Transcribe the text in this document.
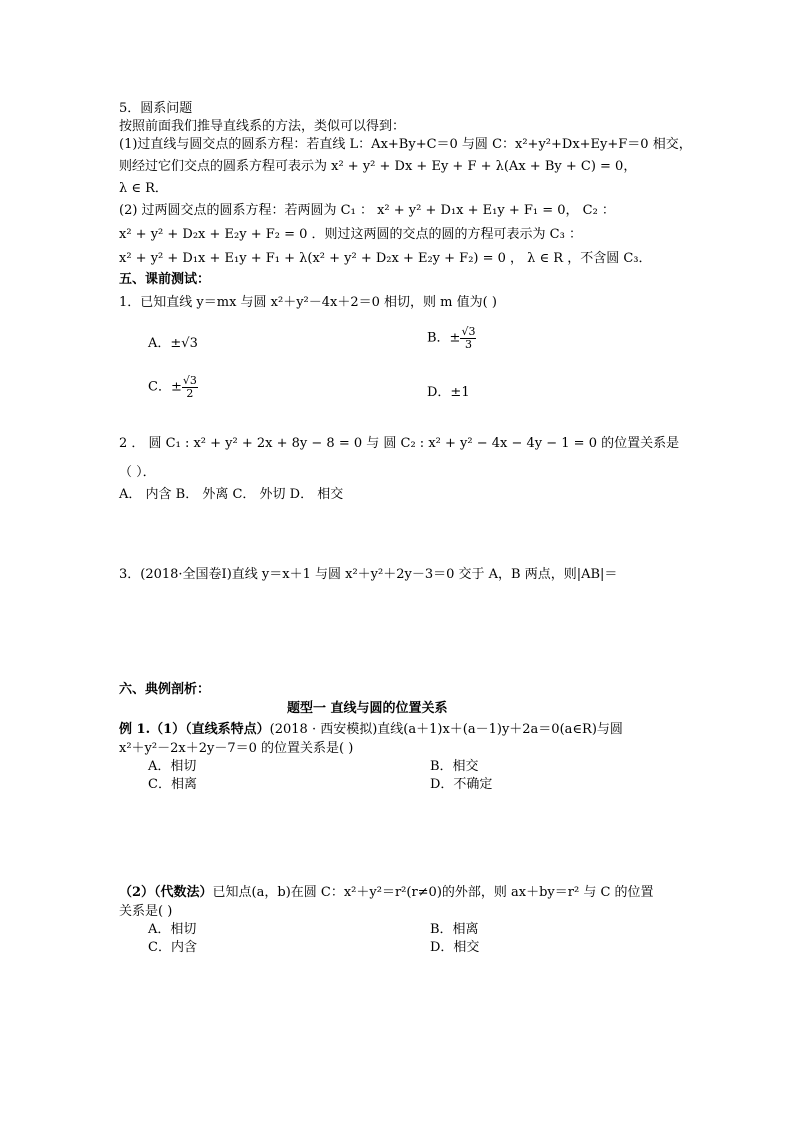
5．圆系问题
按照前面我们推导直线系的方法，类似可以得到：
(1)过直线与圆交点的圆系方程：若直线 L：Ax+By+C＝0 与圆 C：x²+y²+Dx+Ey+F＝0 相交，
则经过它们交点的圆系方程可表示为 x² + y² + Dx + Ey + F + λ(Ax + By + C) = 0，
λ ∈ R．
(2) 过两圆交点的圆系方程：若两圆为 C₁ ： x² + y² + D₁x + E₁y + F₁ = 0， C₂ ：
x² + y² + D₂x + E₂y + F₂ = 0 ．则过这两圆的交点的圆的方程可表示为 C₃ ：
x² + y² + D₁x + E₁y + F₁ + λ(x² + y² + D₂x + E₂y + F₂) = 0 ， λ ∈ R ，不含圆 C₃．
五、课前测试：
1．已知直线 y＝mx 与圆 x²＋y²－4x＋2＝0 相切，则 m 值为( )
A．±√3	B．± $\frac{√3}{3}$
C．± $\frac{√3}{2}$	D．±1
2 ． 圆 C₁ : x² + y² + 2x + 8y − 8 = 0 与 圆 C₂ : x² + y² − 4x − 4y − 1 = 0 的位置关系是
（ ）．
A． 内含 B． 外离 C． 外切 D． 相交
3．(2018·全国卷Ⅰ)直线 y＝x＋1 与圆 x²＋y²＋2y－3＝0 交于 A，B 两点，则|AB|＝
六、典例剖析：
题型一 直线与圆的位置关系
例 1.（1）（直线系特点）(2018 · 西安模拟)直线(a＋1)x＋(a－1)y＋2a＝0(a∈R)与圆
x²＋y²－2x＋2y－7＝0 的位置关系是( )
A．相切	B．相交
C．相离	D．不确定
（2）（代数法）已知点(a，b)在圆 C：x²＋y²＝r²(r≠0)的外部，则 ax＋by＝r² 与 C 的位置
关系是( )
A．相切	B．相离
C．内含	D．相交
